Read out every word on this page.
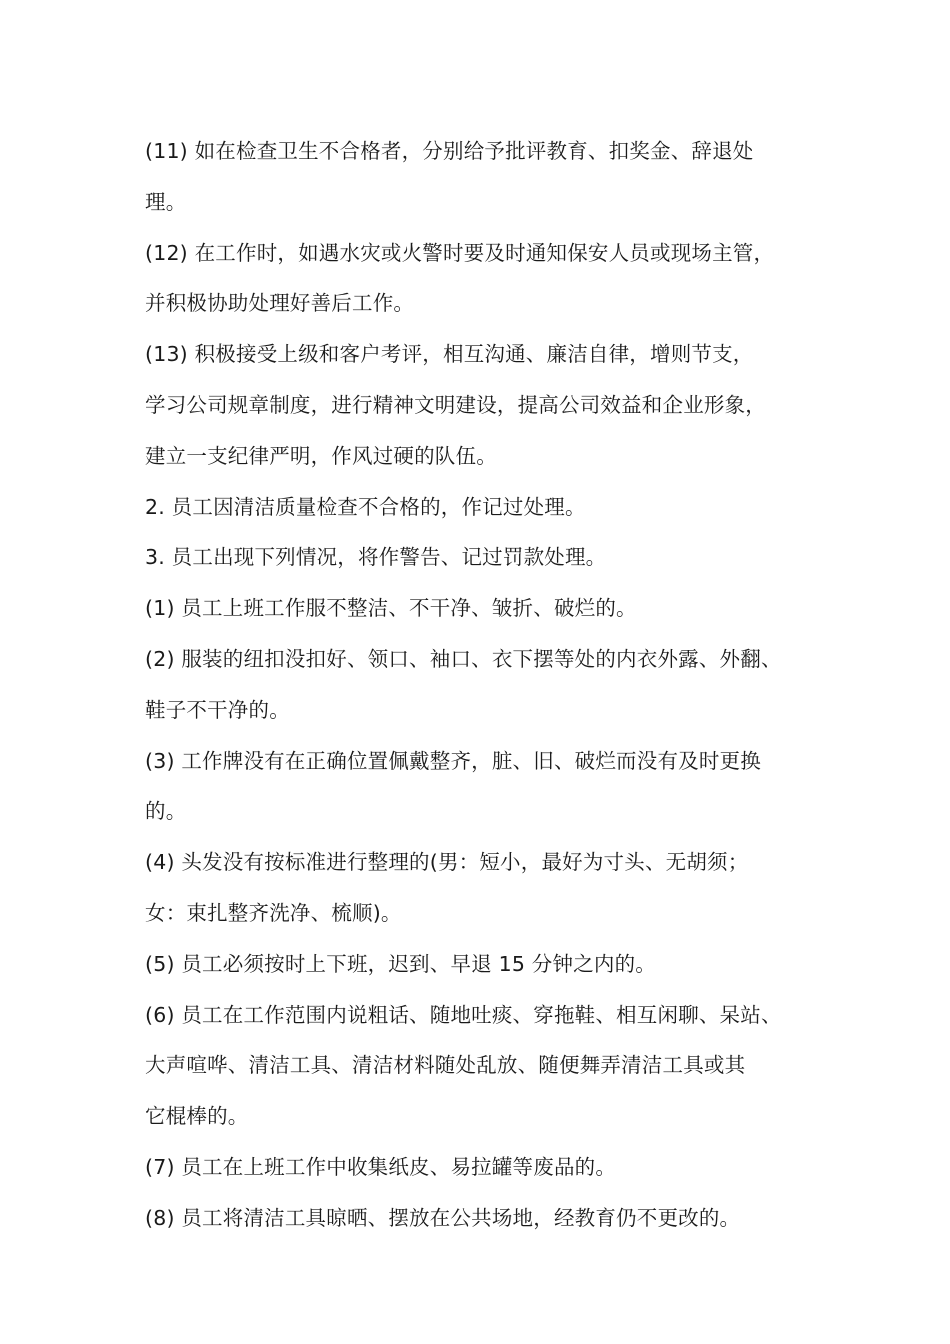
(11) 如在检查卫生不合格者，分别给予批评教育、扣奖金、辞退处
理。
(12) 在工作时，如遇水灾或火警时要及时通知保安人员或现场主管，
并积极协助处理好善后工作。
(13) 积极接受上级和客户考评，相互沟通、廉洁自律，增则节支，
学习公司规章制度，进行精神文明建设，提高公司效益和企业形象，
建立一支纪律严明，作风过硬的队伍。
2. 员工因清洁质量检查不合格的，作记过处理。
3. 员工出现下列情况，将作警告、记过罚款处理。
(1) 员工上班工作服不整洁、不干净、皱折、破烂的。
(2) 服装的纽扣没扣好、领口、袖口、衣下摆等处的内衣外露、外翻、
鞋子不干净的。
(3) 工作牌没有在正确位置佩戴整齐，脏、旧、破烂而没有及时更换
的。
(4) 头发没有按标准进行整理的(男：短小，最好为寸头、无胡须；
女：束扎整齐洗净、梳顺)。
(5) 员工必须按时上下班，迟到、早退 15 分钟之内的。
(6) 员工在工作范围内说粗话、随地吐痰、穿拖鞋、相互闲聊、呆站、
大声喧哗、清洁工具、清洁材料随处乱放、随便舞弄清洁工具或其
它棍棒的。
(7) 员工在上班工作中收集纸皮、易拉罐等废品的。
(8) 员工将清洁工具晾晒、摆放在公共场地，经教育仍不更改的。
